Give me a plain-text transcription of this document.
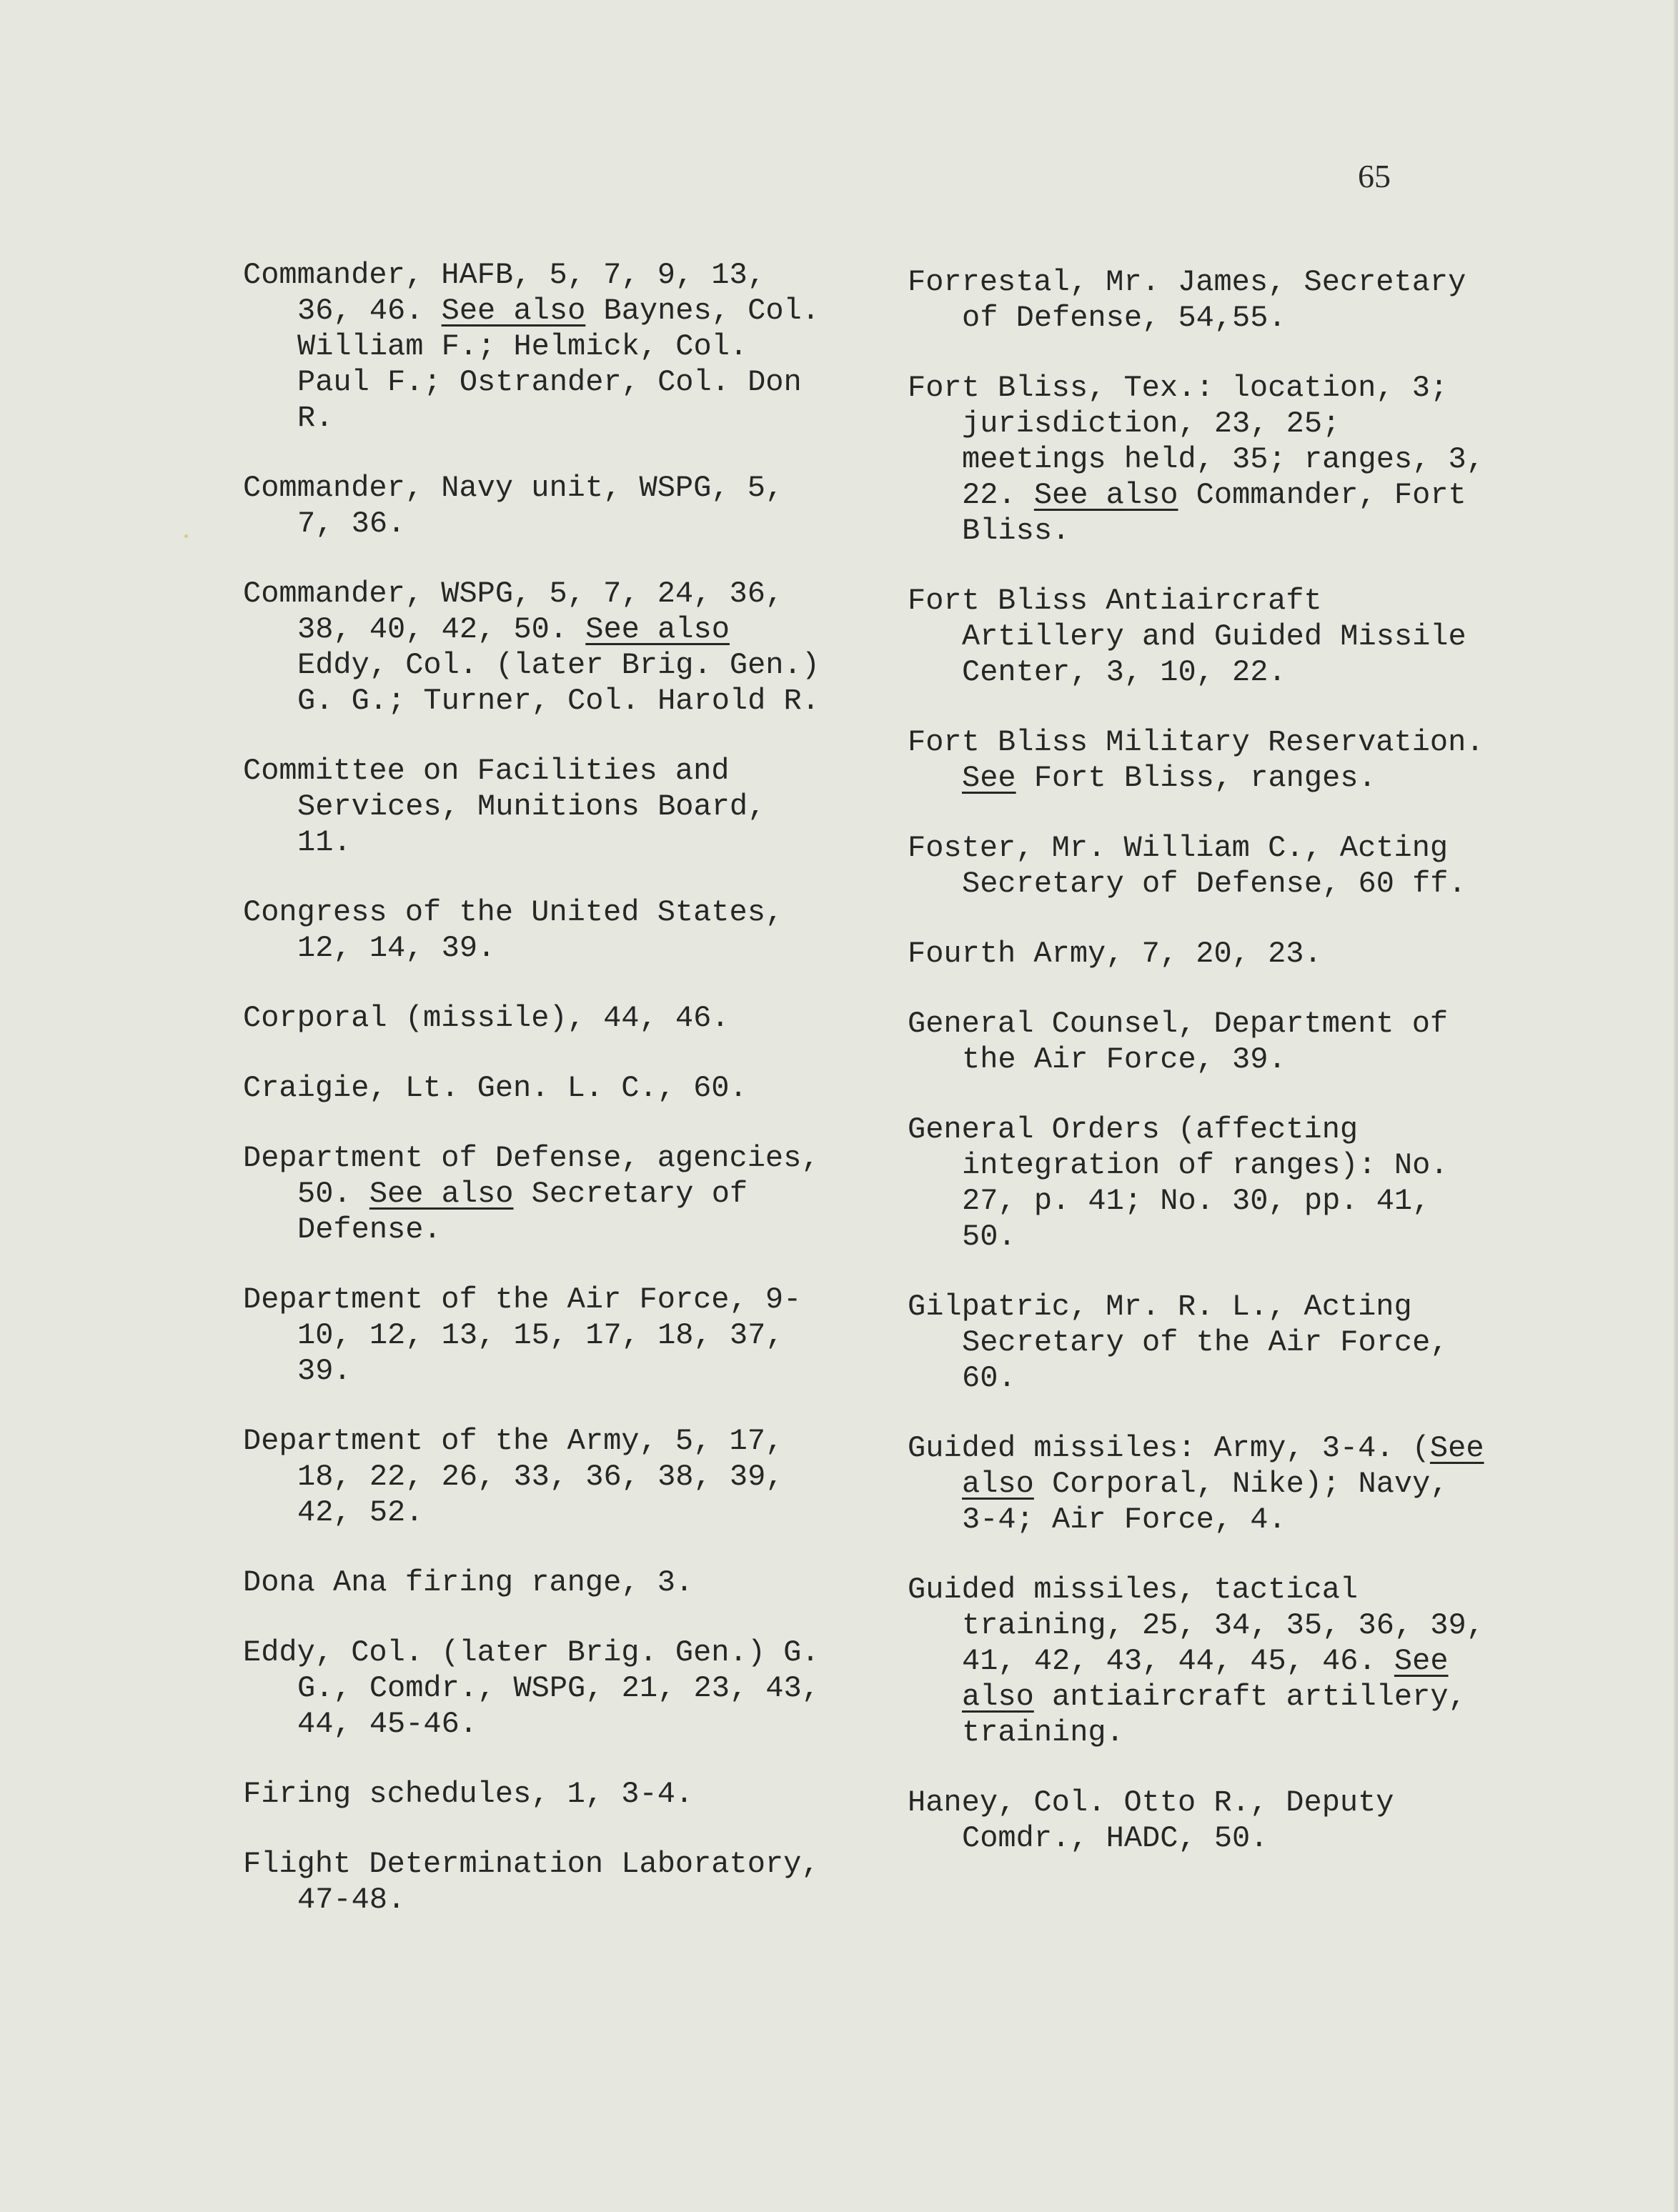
65

Commander, HAFB, 5, 7, 9, 13, 36, 46. See also Baynes, Col. William F.; Helmick, Col. Paul F.; Ostrander, Col. Don R.

Commander, Navy unit, WSPG, 5, 7, 36.

Commander, WSPG, 5, 7, 24, 36, 38, 40, 42, 50. See also Eddy, Col. (later Brig. Gen.) G. G.; Turner, Col. Harold R.

Committee on Facilities and Services, Munitions Board, 11.

Congress of the United States, 12, 14, 39.

Corporal (missile), 44, 46.

Craigie, Lt. Gen. L. C., 60.

Department of Defense, agencies, 50. See also Secretary of Defense.

Department of the Air Force, 9-10, 12, 13, 15, 17, 18, 37, 39.

Department of the Army, 5, 17, 18, 22, 26, 33, 36, 38, 39, 42, 52.

Dona Ana firing range, 3.

Eddy, Col. (later Brig. Gen.) G. G., Comdr., WSPG, 21, 23, 43, 44, 45-46.

Firing schedules, 1, 3-4.

Flight Determination Laboratory, 47-48.

Forrestal, Mr. James, Secretary of Defense, 54,55.

Fort Bliss, Tex.: location, 3; jurisdiction, 23, 25; meetings held, 35; ranges, 3, 22. See also Commander, Fort Bliss.

Fort Bliss Antiaircraft Artillery and Guided Missile Center, 3, 10, 22.

Fort Bliss Military Reservation. See Fort Bliss, ranges.

Foster, Mr. William C., Acting Secretary of Defense, 60 ff.

Fourth Army, 7, 20, 23.

General Counsel, Department of the Air Force, 39.

General Orders (affecting integration of ranges): No. 27, p. 41; No. 30, pp. 41, 50.

Gilpatric, Mr. R. L., Acting Secretary of the Air Force, 60.

Guided missiles: Army, 3-4. (See also Corporal, Nike); Navy, 3-4; Air Force, 4.

Guided missiles, tactical training, 25, 34, 35, 36, 39, 41, 42, 43, 44, 45, 46. See also antiaircraft artillery, training.

Haney, Col. Otto R., Deputy Comdr., HADC, 50.
